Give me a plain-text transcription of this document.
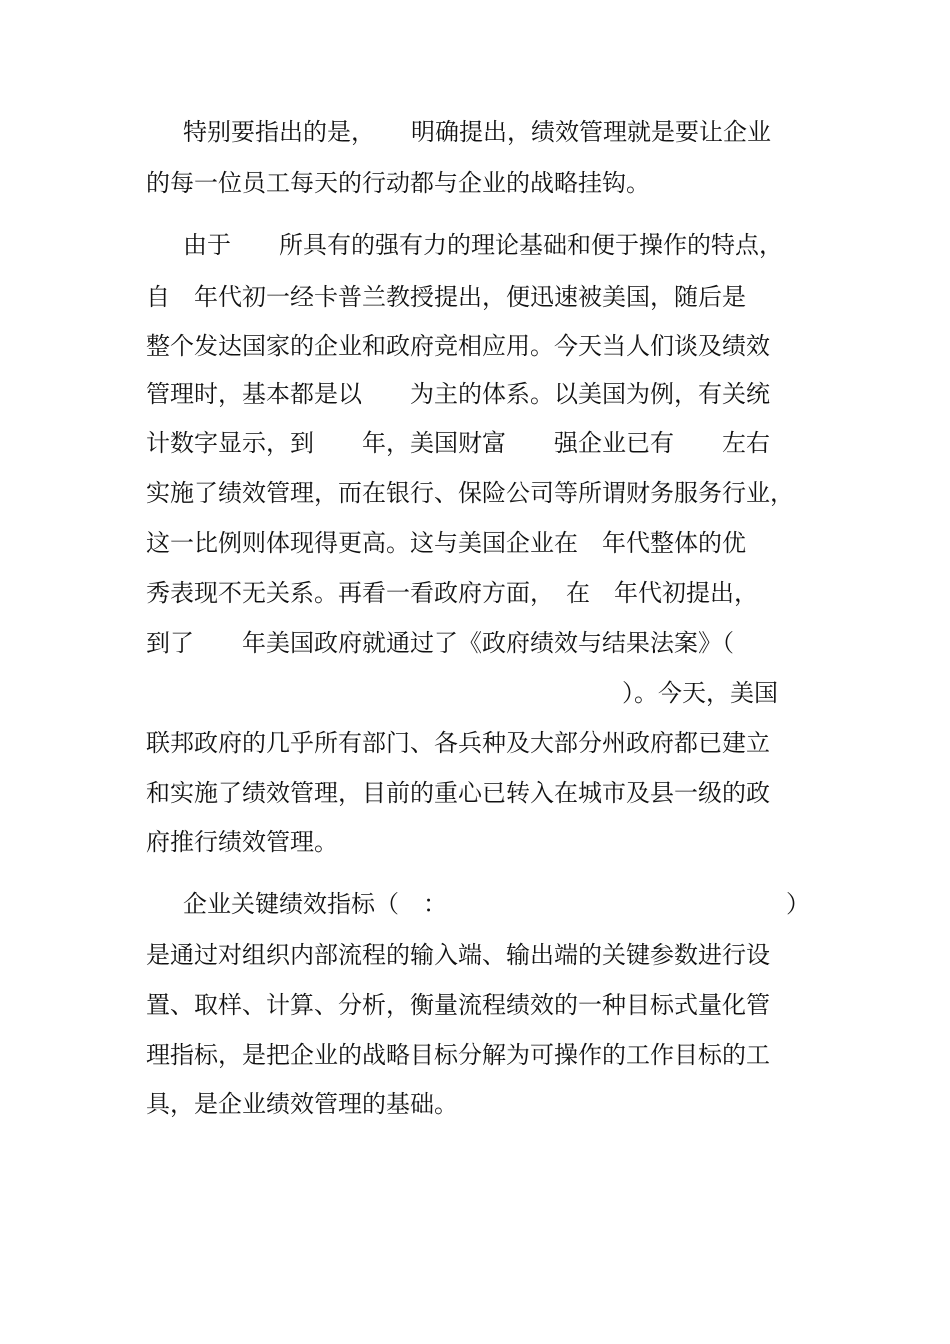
特别要指出的是，　　明确提出，绩效管理就是要让企业
的每一位员工每天的行动都与企业的战略挂钩。
由于　　所具有的强有力的理论基础和便于操作的特点，
自　年代初一经卡普兰教授提出，便迅速被美国，随后是
整个发达国家的企业和政府竞相应用。今天当人们谈及绩效
管理时，基本都是以　　为主的体系。以美国为例，有关统
计数字显示，到　　年，美国财富　　强企业已有　　左右
实施了绩效管理，而在银行、保险公司等所谓财务服务行业，
这一比例则体现得更高。这与美国企业在　年代整体的优
秀表现不无关系。再看一看政府方面，　在　年代初提出，
到了　　年美国政府就通过了《政府绩效与结果法案》（
）。今天，美国
联邦政府的几乎所有部门、各兵种及大部分州政府都已建立
和实施了绩效管理，目前的重心已转入在城市及县一级的政
府推行绩效管理。
企业关键绩效指标（　：	）
是通过对组织内部流程的输入端、输出端的关键参数进行设
置、取样、计算、分析，衡量流程绩效的一种目标式量化管
理指标，是把企业的战略目标分解为可操作的工作目标的工
具，是企业绩效管理的基础。
